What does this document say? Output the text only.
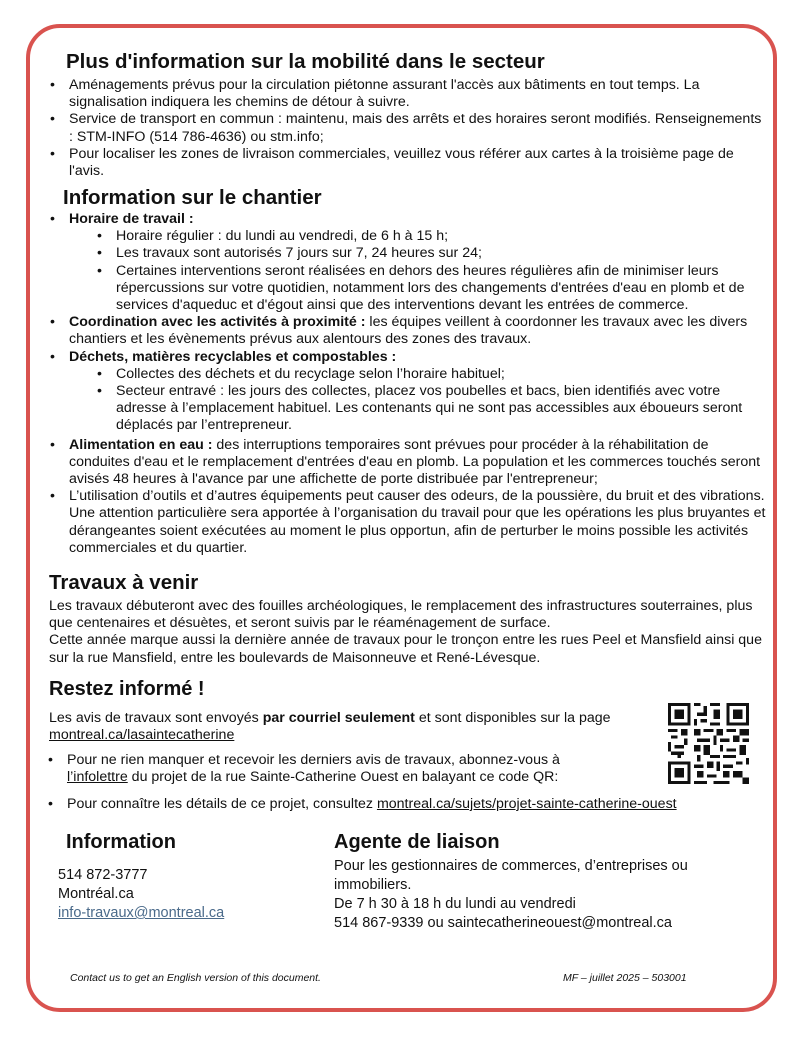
Plus d'information sur la mobilité dans le secteur
• Aménagements prévus pour la circulation piétonne assurant l'accès aux bâtiments en tout temps. La signalisation indiquera les chemins de détour à suivre.
• Service de transport en commun : maintenu, mais des arrêts et des horaires seront modifiés. Renseignements : STM-INFO (514 786-4636) ou stm.info;
• Pour localiser les zones de livraison commerciales, veuillez vous référer aux cartes à la troisième page de l'avis.
Information sur le chantier
• Horaire de travail :
• Horaire régulier : du lundi au vendredi, de 6 h à 15 h;
• Les travaux sont autorisés 7 jours sur 7, 24 heures sur 24;
• Certaines interventions seront réalisées en dehors des heures régulières afin de minimiser leurs répercussions sur votre quotidien, notamment lors des changements d'entrées d'eau en plomb et de services d'aqueduc et d'égout ainsi que des interventions devant les entrées de commerce.
• Coordination avec les activités à proximité : les équipes veillent à coordonner les travaux avec les divers chantiers et les évènements prévus aux alentours des zones des travaux.
• Déchets, matières recyclables et compostables :
• Collectes des déchets et du recyclage selon l’horaire habituel;
• Secteur entravé : les jours des collectes, placez vos poubelles et bacs, bien identifiés avec votre adresse à l’emplacement habituel. Les contenants qui ne sont pas accessibles aux éboueurs seront déplacés par l’entrepreneur.
• Alimentation en eau : des interruptions temporaires sont prévues pour procéder à la réhabilitation de conduites d'eau et le remplacement d'entrées d'eau en plomb. La population et les commerces touchés seront avisés 48 heures à l'avance par une affichette de porte distribuée par l'entrepreneur;
• L’utilisation d’outils et d’autres équipements peut causer des odeurs, de la poussière, du bruit et des vibrations. Une attention particulière sera apportée à l’organisation du travail pour que les opérations les plus bruyantes et dérangeantes soient exécutées au moment le plus opportun, afin de perturber le moins possible les activités commerciales et du quartier.
Travaux à venir
Les travaux débuteront avec des fouilles archéologiques, le remplacement des infrastructures souterraines, plus que centenaires et désuètes, et seront suivis par le réaménagement de surface.
Cette année marque aussi la dernière année de travaux pour le tronçon entre les rues Peel et Mansfield ainsi que sur la rue Mansfield, entre les boulevards de Maisonneuve et René-Lévesque.
Restez informé !
Les avis de travaux sont envoyés par courriel seulement et sont disponibles sur la page
montreal.ca/lasaintecatherine
• Pour ne rien manquer et recevoir les derniers avis de travaux, abonnez-vous à
l’infolettre du projet de la rue Sainte-Catherine Ouest en balayant ce code QR:
• Pour connaître les détails de ce projet, consultez montreal.ca/sujets/projet-sainte-catherine-ouest
Information
514 872-3777
Montréal.ca
info-travaux@montreal.ca
Agente de liaison
Pour les gestionnaires de commerces, d’entreprises ou immobiliers.
De 7 h 30 à 18 h du lundi au vendredi
514 867-9339 ou saintecatherineouest@montreal.ca
Contact us to get an English version of this document.	MF – juillet 2025 – 503001
